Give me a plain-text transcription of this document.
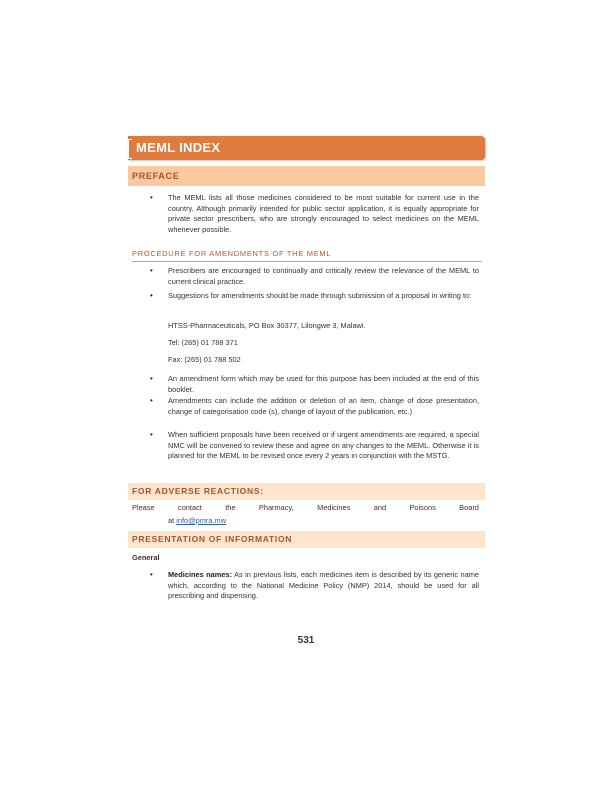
MEML INDEX
PREFACE
• The MEML lists all those medicines considered to be most suitable for current use in the country. Although primarily intended for public sector application, it is equally appropriate for private sector prescribers, who are strongly encouraged to select medicines on the MEML whenever possible.
PROCEDURE FOR AMENDMENTS OF THE MEML
• Prescribers are encouraged to continually and critically review the relevance of the MEML to current clinical practice.
• Suggestions for amendments should be made through submission of a proposal in writing to:
HTSS-Pharmaceuticals, PO Box 30377, Lilongwe 3, Malawi.
Tel: (265) 01 788 371
Fax: (265) 01 788 502
• An amendment form which may be used for this purpose has been included at the end of this booklet.
• Amendments can include the addition or deletion of an item, change of dose presentation, change of categorisation code (s), change of layout of the publication, etc.)
• When sufficient proposals have been received or if urgent amendments are required, a special NMC will be convened to review these and agree on any changes to the MEML. Otherwise it is planned for the MEML to be revised once every 2 years in conjunction with the MSTG.
FOR ADVERSE REACTIONS:
Please	contact	the	Pharmacy,	Medicines	and	Poisons	Board
at info@pmra.mw
PRESENTATION OF INFORMATION
General
• Medicines names: As in previous lists, each medicines item is described by its generic name which, according to the National Medicine Policy (NMP) 2014, should be used for all prescribing and dispensing.
531
